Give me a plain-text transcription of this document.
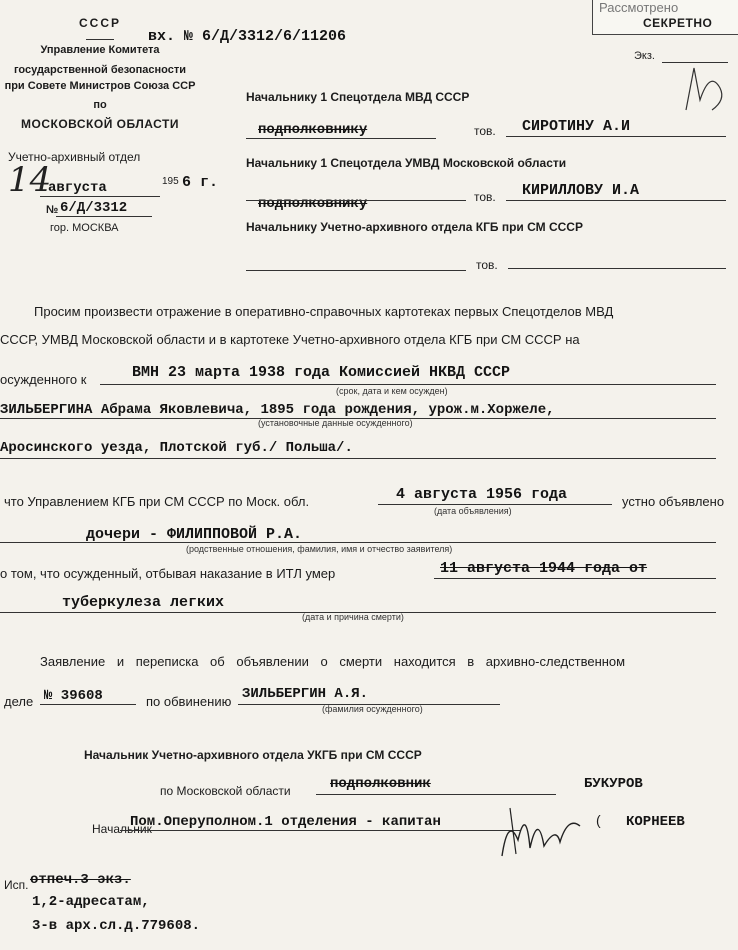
Рассмотрено
СЕКРЕТНО
Экз.
вх. № 6/Д/3312/6/11206
СССР
Управление Комитета
государственной безопасности
при Совете Министров Союза ССР
по
МОСКОВСКОЙ ОБЛАСТИ
Учетно-архивный отдел
14
августа	195 6 г.
№ 6/Д/3312
гор. МОСКВА
Начальнику 1 Спецотдела МВД СССР
подполковнику	тов. СИРОТИНУ А.И
Начальнику 1 Спецотдела УМВД Московской области
подполковнику	тов. КИРИЛЛОВУ И.А
Начальнику Учетно-архивного отдела КГБ при СМ СССР
тов.
Просим произвести отражение в оперативно-справочных картотеках первых Спецотделов МВД
СССР, УМВД Московской области и в картотеке Учетно-архивного отдела КГБ при СМ СССР на
осужденного к	ВМН 23 марта 1938 года Комиссией НКВД СССР
(срок, дата и кем осужден)
ЗИЛЬБЕРГИНА Абрама Яковлевича, 1895 года рождения, урож.м.Хоржеле,
(установочные данные осужденного)
Аросинского уезда, Плотской губ./ Польша/.
что Управлением КГБ при СМ СССР по Моск. обл.	4 августа 1956 года
(дата объявления)
устно объявлено
дочери - ФИЛИППОВОЙ Р.А.
(родственные отношения, фамилия, имя и отчество заявителя)
о том, что осужденный, отбывая наказание в ИТЛ умер	11 августа 1944 года от
туберкулеза легких
(дата и причина смерти)
Заявление и переписка об объявлении о смерти находится в архивно-следственном
деле № 39608	по обвинению ЗИЛЬБЕРГИН А.Я.
(фамилия осужденного)
Начальник Учетно-архивного отдела УКГБ при СМ СССР
по Московской области	подполковник	БУКУРОВ
Начальник
Пом.Оперуполном.1 отделения - капитан	КОРНЕЕВ
(
Исп. отпеч.3 экз.
1,2-адресатам,
3-в арх.сл.д.779608.
